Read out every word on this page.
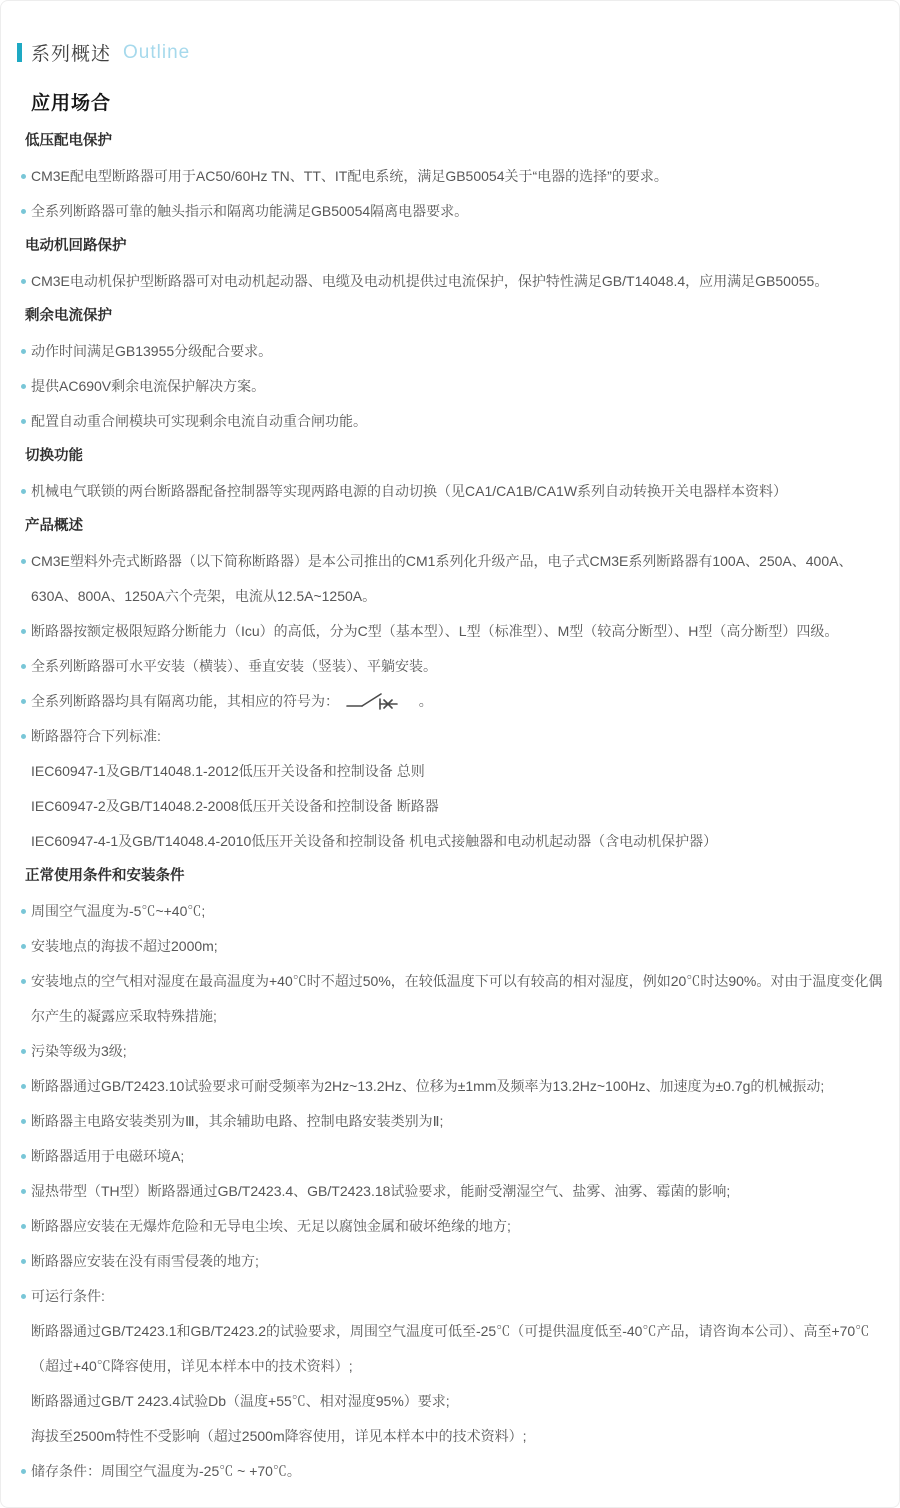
系列概述 Outline
应用场合
低压配电保护
CM3E配电型断路器可用于AC50/60Hz TN、TT、IT配电系统，满足GB50054关于“电器的选择”的要求。
全系列断路器可靠的触头指示和隔离功能满足GB50054隔离电器要求。
电动机回路保护
CM3E电动机保护型断路器可对电动机起动器、电缆及电动机提供过电流保护，保护特性满足GB/T14048.4，应用满足GB50055。
剩余电流保护
动作时间满足GB13955分级配合要求。
提供AC690V剩余电流保护解决方案。
配置自动重合闸模块可实现剩余电流自动重合闸功能。
切换功能
机械电气联锁的两台断路器配备控制器等实现两路电源的自动切换（见CA1/CA1B/CA1W系列自动转换开关电器样本资料）
产品概述
CM3E塑料外壳式断路器（以下简称断路器）是本公司推出的CM1系列化升级产品，电子式CM3E系列断路器有100A、250A、400A、630A、800A、1250A六个壳架，电流从12.5A~1250A。
断路器按额定极限短路分断能力（Icu）的高低，分为C型（基本型）、L型（标准型）、M型（较高分断型）、H型（高分断型）四级。
全系列断路器可水平安装（横装）、垂直安装（竖装）、平躺安装。
全系列断路器均具有隔离功能，其相应的符号为：	。
断路器符合下列标准:
IEC60947-1及GB/T14048.1-2012低压开关设备和控制设备 总则
IEC60947-2及GB/T14048.2-2008低压开关设备和控制设备 断路器
IEC60947-4-1及GB/T14048.4-2010低压开关设备和控制设备 机电式接触器和电动机起动器（含电动机保护器）
正常使用条件和安装条件
周围空气温度为-5℃~+40℃;
安装地点的海拔不超过2000m;
安装地点的空气相对湿度在最高温度为+40℃时不超过50%，在较低温度下可以有较高的相对湿度，例如20℃时达90%。对由于温度变化偶尔产生的凝露应采取特殊措施;
污染等级为3级;
断路器通过GB/T2423.10试验要求可耐受频率为2Hz~13.2Hz、位移为±1mm及频率为13.2Hz~100Hz、加速度为±0.7g的机械振动;
断路器主电路安装类别为Ⅲ，其余辅助电路、控制电路安装类别为Ⅱ;
断路器适用于电磁环境A;
湿热带型（TH型）断路器通过GB/T2423.4、GB/T2423.18试验要求，能耐受潮湿空气、盐雾、油雾、霉菌的影响;
断路器应安装在无爆炸危险和无导电尘埃、无足以腐蚀金属和破坏绝缘的地方;
断路器应安装在没有雨雪侵袭的地方;
可运行条件:
断路器通过GB/T2423.1和GB/T2423.2的试验要求，周围空气温度可低至-25℃（可提供温度低至-40℃产品，请咨询本公司）、高至+70℃（超过+40℃降容使用，详见本样本中的技术资料）;
断路器通过GB/T 2423.4试验Db（温度+55℃、相对湿度95%）要求;
海拔至2500m特性不受影响（超过2500m降容使用，详见本样本中的技术资料）;
储存条件：周围空气温度为-25℃ ~ +70℃。
